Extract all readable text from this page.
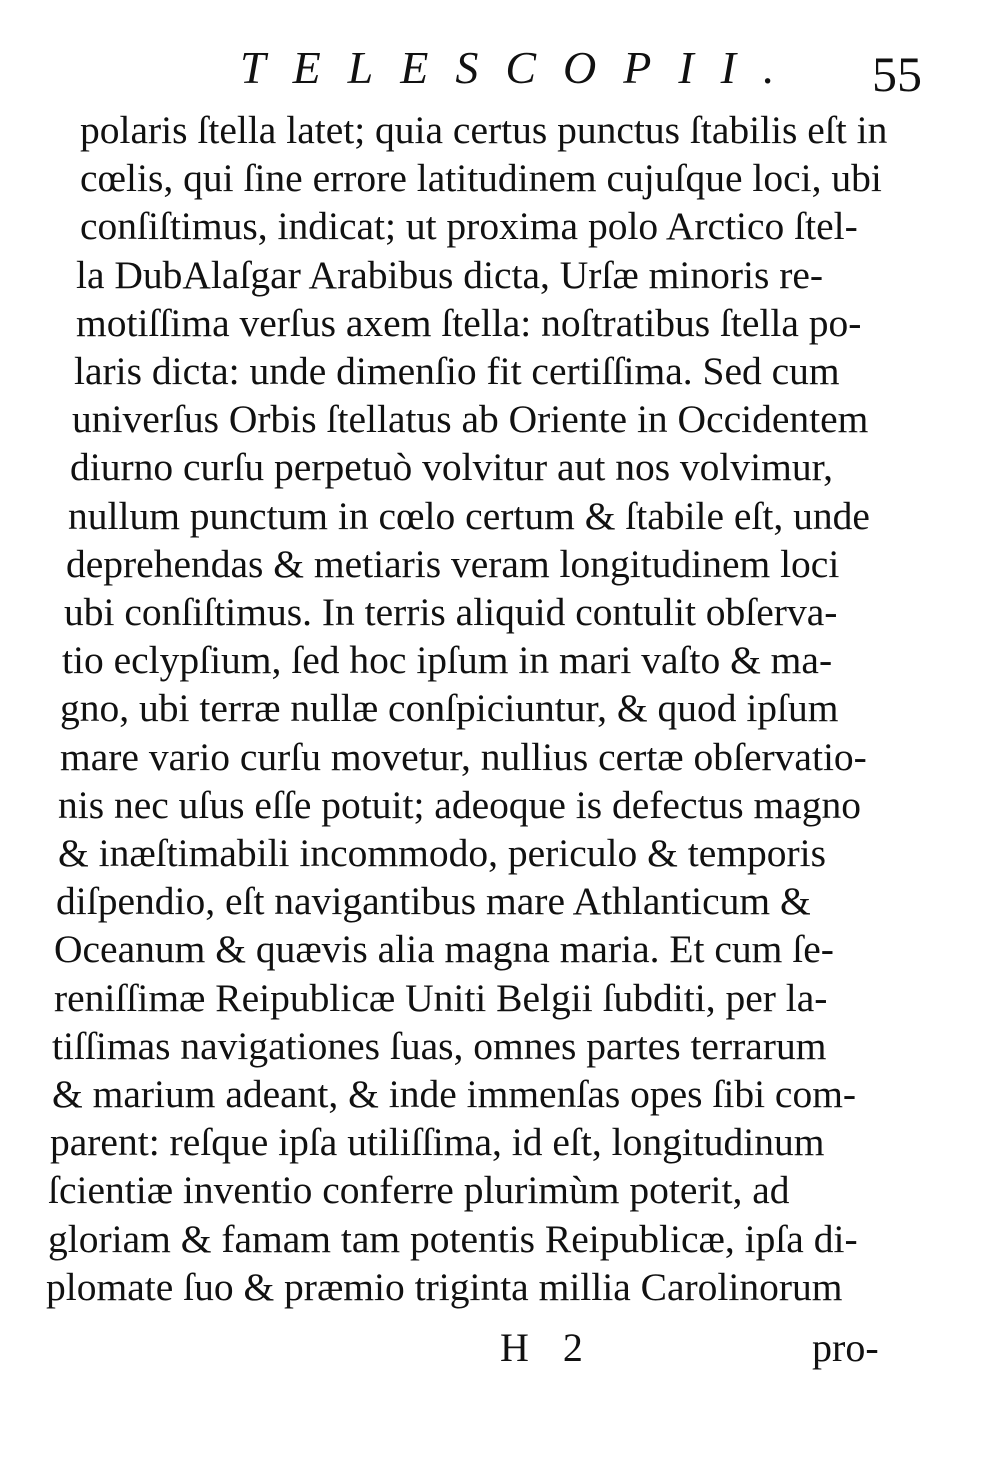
TELESCOPII. 55
polaris ſtella latet; quia certus punctus ſtabilis eſt in
cœlis, qui ſine errore latitudinem cujuſque loci, ubi
conſiſtimus, indicat; ut proxima polo Arctico ſtel-
la DubAlaſgar Arabibus dicta, Urſæ minoris re-
motiſſima verſus axem ſtella: noſtratibus ſtella po-
laris dicta: unde dimenſio fit certiſſima. Sed cum
univerſus Orbis ſtellatus ab Oriente in Occidentem
diurno curſu perpetuò volvitur aut nos volvimur,
nullum punctum in cœlo certum & ſtabile eſt, unde
deprehendas & metiaris veram longitudinem loci
ubi conſiſtimus. In terris aliquid contulit obſerva-
tio eclypſium, ſed hoc ipſum in mari vaſto & ma-
gno, ubi terræ nullæ conſpiciuntur, & quod ipſum
mare vario curſu movetur, nullius certæ obſervatio-
nis nec uſus eſſe potuit; adeoque is defectus magno
& inæſtimabili incommodo, periculo & temporis
diſpendio, eſt navigantibus mare Athlanticum &
Oceanum & quævis alia magna maria. Et cum ſe-
reniſſimæ Reipublicæ Uniti Belgii ſubditi, per la-
tiſſimas navigationes ſuas, omnes partes terrarum
& marium adeant, & inde immenſas opes ſibi com-
parent: reſque ipſa utiliſſima, id eſt, longitudinum
ſcientiæ inventio conferre plurimùm poterit, ad
gloriam & famam tam potentis Reipublicæ, ipſa di-
plomate ſuo & præmio triginta millia Carolinorum
H 2	pro-
